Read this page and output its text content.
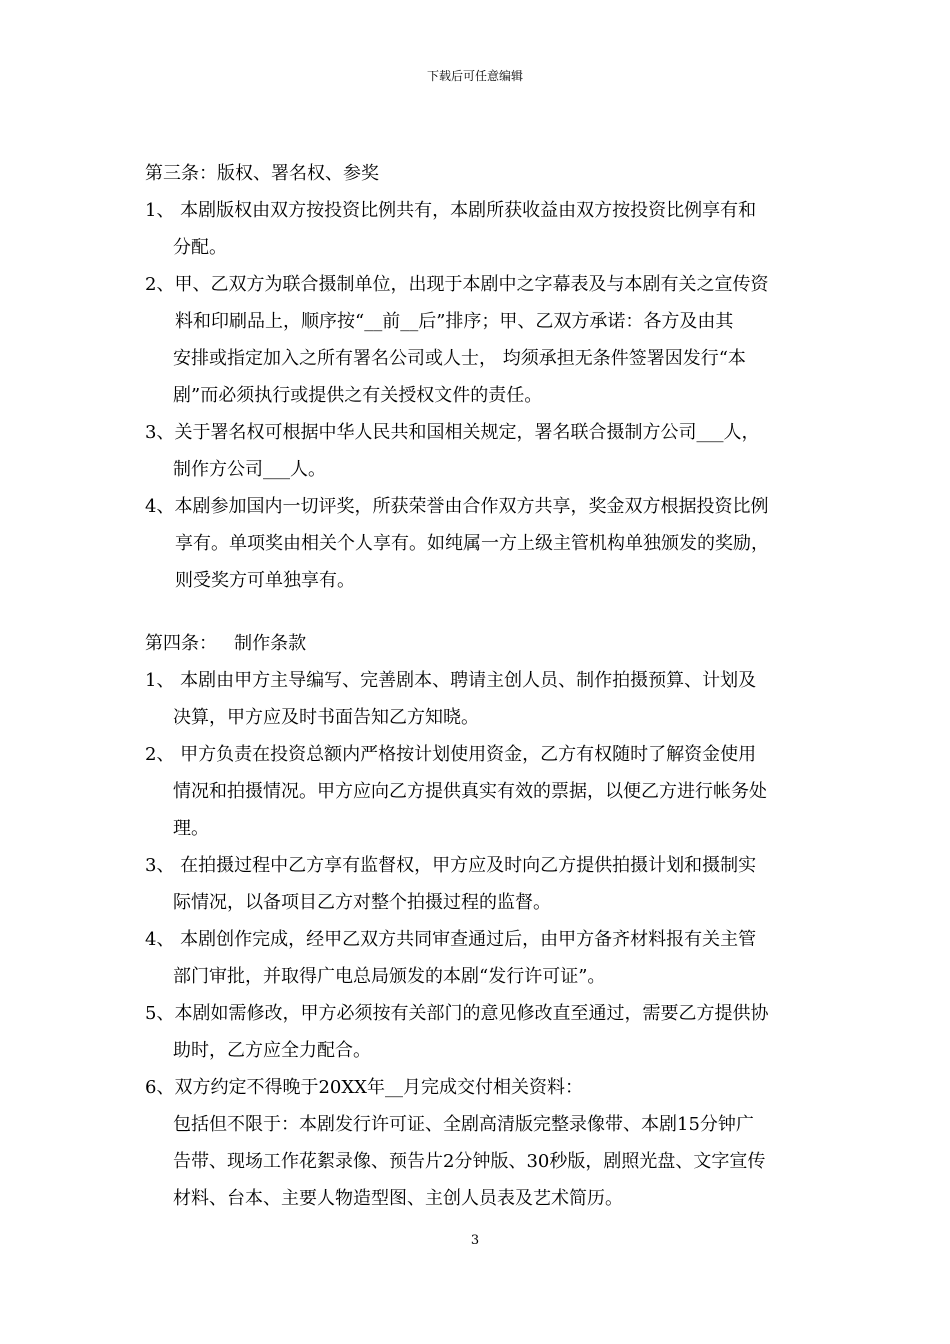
下载后可任意编辑
第三条：版权、署名权、参奖
1、 本剧版权由双方按投资比例共有，本剧所获收益由双方按投资比例享有和
分配。
2、甲、乙双方为联合摄制单位，出现于本剧中之字幕表及与本剧有关之宣传资
料和印刷品上，顺序按“__前__后”排序；甲、乙双方承诺：各方及由其
安排或指定加入之所有署名公司或人士， 均须承担无条件签署因发行“本
剧”而必须执行或提供之有关授权文件的责任。
3、关于署名权可根据中华人民共和国相关规定，署名联合摄制方公司___人，
制作方公司___人。
4、本剧参加国内一切评奖，所获荣誉由合作双方共享，奖金双方根据投资比例
享有。单项奖由相关个人享有。如纯属一方上级主管机构单独颁发的奖励，
则受奖方可单独享有。
第四条：   制作条款
1、 本剧由甲方主导编写、完善剧本、聘请主创人员、制作拍摄预算、计划及
决算，甲方应及时书面告知乙方知晓。
2、 甲方负责在投资总额内严格按计划使用资金，乙方有权随时了解资金使用
情况和拍摄情况。甲方应向乙方提供真实有效的票据，以便乙方进行帐务处
理。
3、 在拍摄过程中乙方享有监督权，甲方应及时向乙方提供拍摄计划和摄制实
际情况，以备项目乙方对整个拍摄过程的监督。
4、 本剧创作完成，经甲乙双方共同审查通过后，由甲方备齐材料报有关主管
部门审批，并取得广电总局颁发的本剧“发行许可证”。
5、本剧如需修改，甲方必须按有关部门的意见修改直至通过，需要乙方提供协
助时，乙方应全力配合。
6、双方约定不得晚于20XX年__月完成交付相关资料：
包括但不限于：本剧发行许可证、全剧高清版完整录像带、本剧15分钟广
告带、现场工作花絮录像、预告片2分钟版、30秒版，剧照光盘、文字宣传
材料、台本、主要人物造型图、主创人员表及艺术简历。
3
